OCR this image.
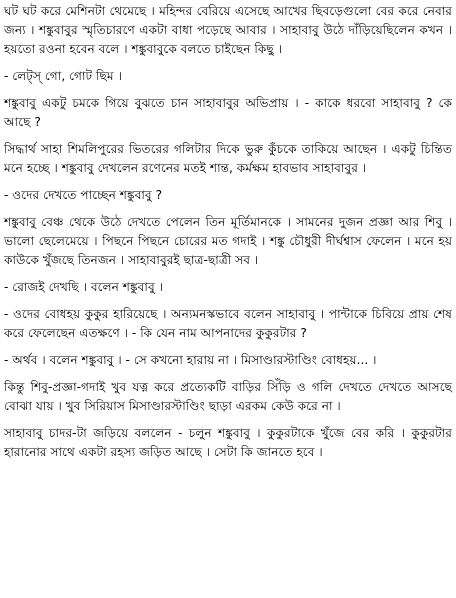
ঘট ঘট করে মেশিনটা থেমেছে । মহিন্দর বেরিয়ে এসেছে আখের ছিবড়েগুলো বের করে নেবার জন্য । শঙ্কুবাবুর স্মৃতিচারণে একটা বাধা পড়েছে আবার । সাহাবাবু উঠে দাঁড়িয়েছিলেন কখন । হয়তো রওনা হবেন বলে । শঙ্কুবাবুকে বলতে চাইছেন কিছু ।

- লেট্‌স্‌ গো, গোট ছিম ।

শঙ্কুবাবু একটু চমকে গিয়ে বুঝতে চান সাহাবাবুর অভিপ্রায় । - কাকে ধরবো সাহাবাবু ? কে আছে ?

সিদ্ধার্থ সাহা শিমলিপুরের ভিতরের গলিটার দিকে ভুরু কুঁচকে তাকিয়ে আছেন । একটু চিন্তিত মনে হচ্ছে । শঙ্কুবাবু দেখলেন রণেনের মতই শান্ত, কর্মক্ষম হাবভাব সাহাবাবুর ।

- ওদের দেখতে পাচ্ছেন শঙ্কুবাবু ?

শঙ্কুবাবু বেঞ্চ থেকে উঠে দেখতে পেলেন তিন মূর্তিমানকে । সামনের দুজন প্রজ্ঞা আর শিবু । ভালো ছেলেমেয়ে । পিছনে পিছনে চোরের মত গদাই । শঙ্কু চৌধুরী দীর্ঘশ্বাস ফেলেন । মনে হয় কাউকে খুঁজছে তিনজন । সাহাবাবুরই ছাত্র-ছাত্রী সব ।

- রোজই দেখছি । বলেন শঙ্কুবাবু ।

- ওদের বোধহয় কুকুর হারিয়েছে । অন্যমনস্কভাবে বলেন সাহাবাবু । পান্টাকে চিবিয়ে প্রায় শেষ করে ফেলেছেন এতক্ষণে । - কি যেন নাম আপনাদের কুকুরটার ?

- অর্থব । বলেন শঙ্কুবাবু । - সে কখনো হারায় না । মিসাণ্ডারস্টাণ্ডিং বোধহয়... ।

কিন্তু শিবু-প্রজ্ঞা-গদাই খুব যত্ন করে প্রত্যেকটি বাড়ির সিঁড়ি ও গলি দেখতে দেখতে আসছে বোঝা যায় । খুব সিরিয়াস মিসাণ্ডারস্টাণ্ডিং ছাড়া এরকম কেউ করে না ।

সাহাবাবু চাদর-টা জড়িয়ে বললেন - চলুন শঙ্কুবাবু । কুকুরটাকে খুঁজে বের করি । কুকুরটার হারানোর সাথে একটা রহস্য জড়িত আছে । সেটা কি জানতে হবে ।
